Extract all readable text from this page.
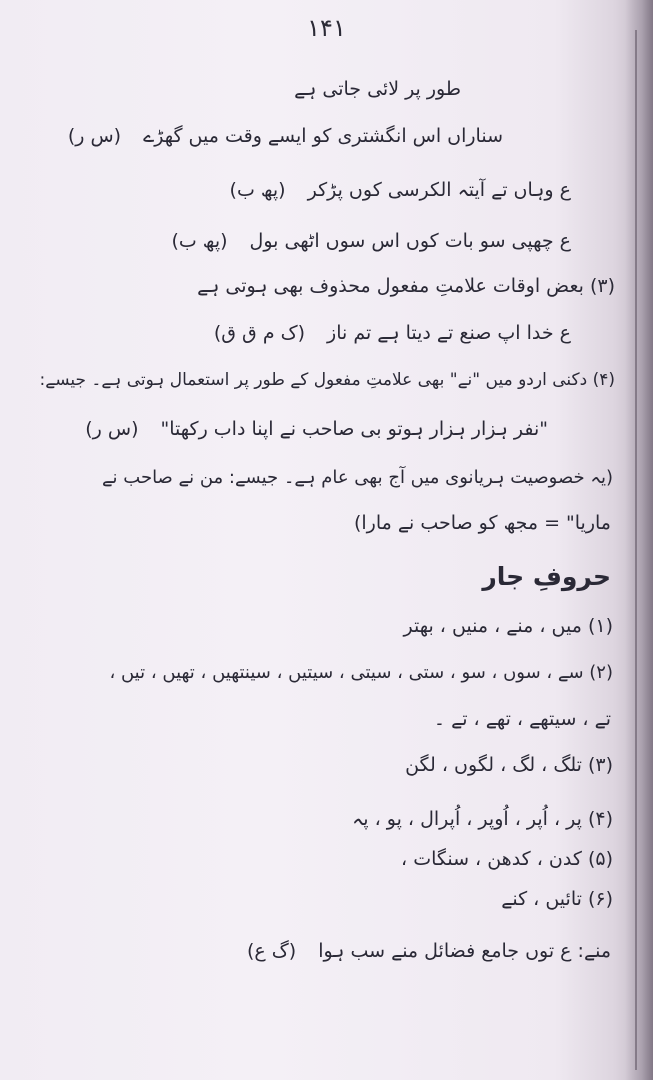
۱۴۱
طور پر لائی جاتی ہے
سناراں اس انگشتری کو ایسے وقت میں گھڑے(س ر)
ع وہاں تے آیتہ الکرسی کوں پڑکر(پھ ب)
ع چھپی سو بات کوں اس سوں اٹھی بول(پھ ب)
(۳) بعض اوقات علامتِ مفعول محذوف بھی ہوتی ہے
ع خدا اپ صنع تے دیتا ہے تم ناز(ک م ق ق)
(۴) دکنی اردو میں "نے" بھی علامتِ مفعول کے طور پر استعمال ہوتی ہے۔ جیسے:
"نفر ہزار ہزار ہوتو بی صاحب نے اپنا داب رکھتا"(س ر)
(یہ خصوصیت ہریانوی میں آج بھی عام ہے۔ جیسے: من نے صاحب نے
ماریا" = مجھ کو صاحب نے مارا)
حروفِ جار
(۱) میں ، منے ، منیں ، بھتر
(۲) سے ، سوں ، سو ، ستی ، سیتی ، سیتیں ، سینتھیں ، تھیں ، تیں ،
تے ، سیتھے ، تھے ، تے ۔
(۳) تلگ ، لگ ، لگوں ، لگن
(۴) پر ، اُپر ، اُوپر ، اُپرال ، پو ، پہ
(۵) کدن ، کدھن ، سنگات ،
(۶) تائیں ، کنے
منے: ع توں جامع فضائل منے سب ہوا(گ ع)
